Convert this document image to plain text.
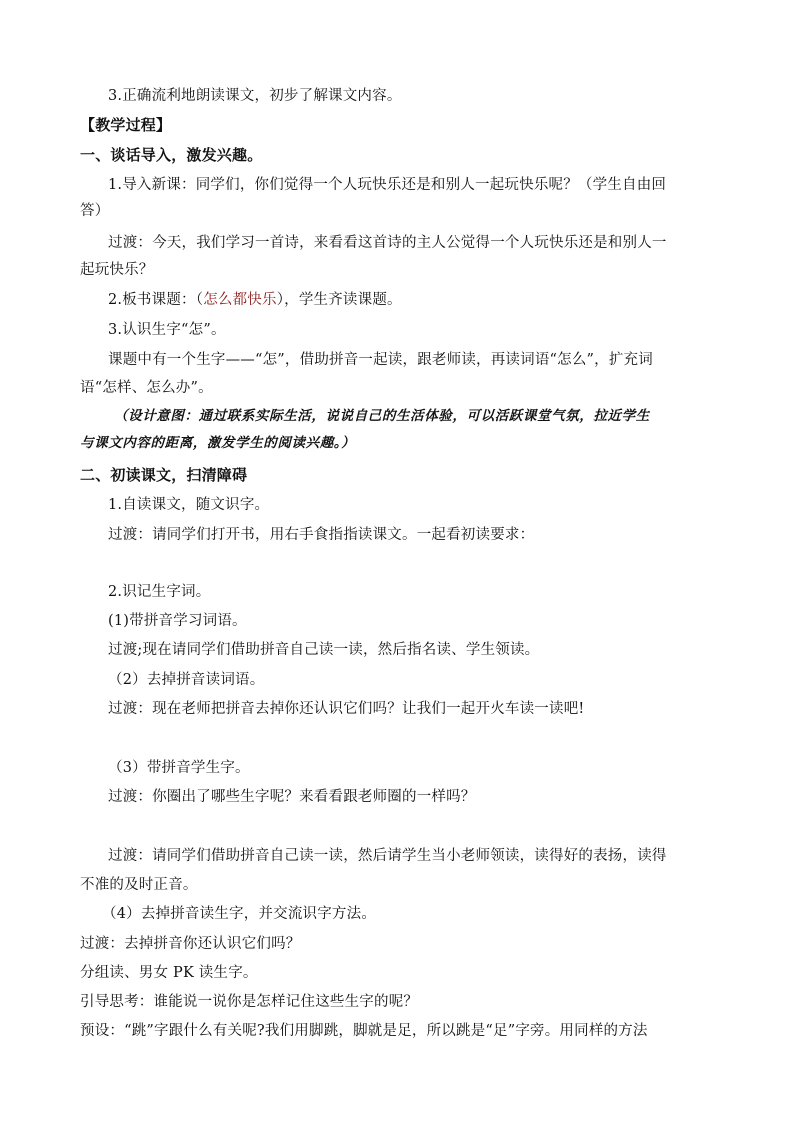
3.正确流利地朗读课文，初步了解课文内容。
【教学过程】
一、谈话导入，激发兴趣。
1.导入新课：同学们，你们觉得一个人玩快乐还是和别人一起玩快乐呢？（学生自由回
答）
过渡：今天，我们学习一首诗，来看看这首诗的主人公觉得一个人玩快乐还是和别人一
起玩快乐？
2.板书课题：（怎么都快乐），学生齐读课题。
3.认识生字“怎”。
课题中有一个生字——“怎”，借助拼音一起读，跟老师读，再读词语“怎么”，扩充词
语“怎样、怎么办”。
（设计意图：通过联系实际生活，说说自己的生活体验，可以活跃课堂气氛，拉近学生
与课文内容的距离，激发学生的阅读兴趣。）
二、初读课文，扫清障碍
1.自读课文，随文识字。
过渡：请同学们打开书，用右手食指指读课文。一起看初读要求：
2.识记生字词。
(1)带拼音学习词语。
过渡;现在请同学们借助拼音自己读一读，然后指名读、学生领读。
（2）去掉拼音读词语。
过渡：现在老师把拼音去掉你还认识它们吗？让我们一起开火车读一读吧!
（3）带拼音学生字。
过渡：你圈出了哪些生字呢？来看看跟老师圈的一样吗？
过渡：请同学们借助拼音自己读一读，然后请学生当小老师领读，读得好的表扬，读得
不准的及时正音。
（4）去掉拼音读生字，并交流识字方法。
过渡：去掉拼音你还认识它们吗？
分组读、男女 PK 读生字。
引导思考：谁能说一说你是怎样记住这些生字的呢？
预设：“跳”字跟什么有关呢?我们用脚跳，脚就是足，所以跳是“足”字旁。用同样的方法
